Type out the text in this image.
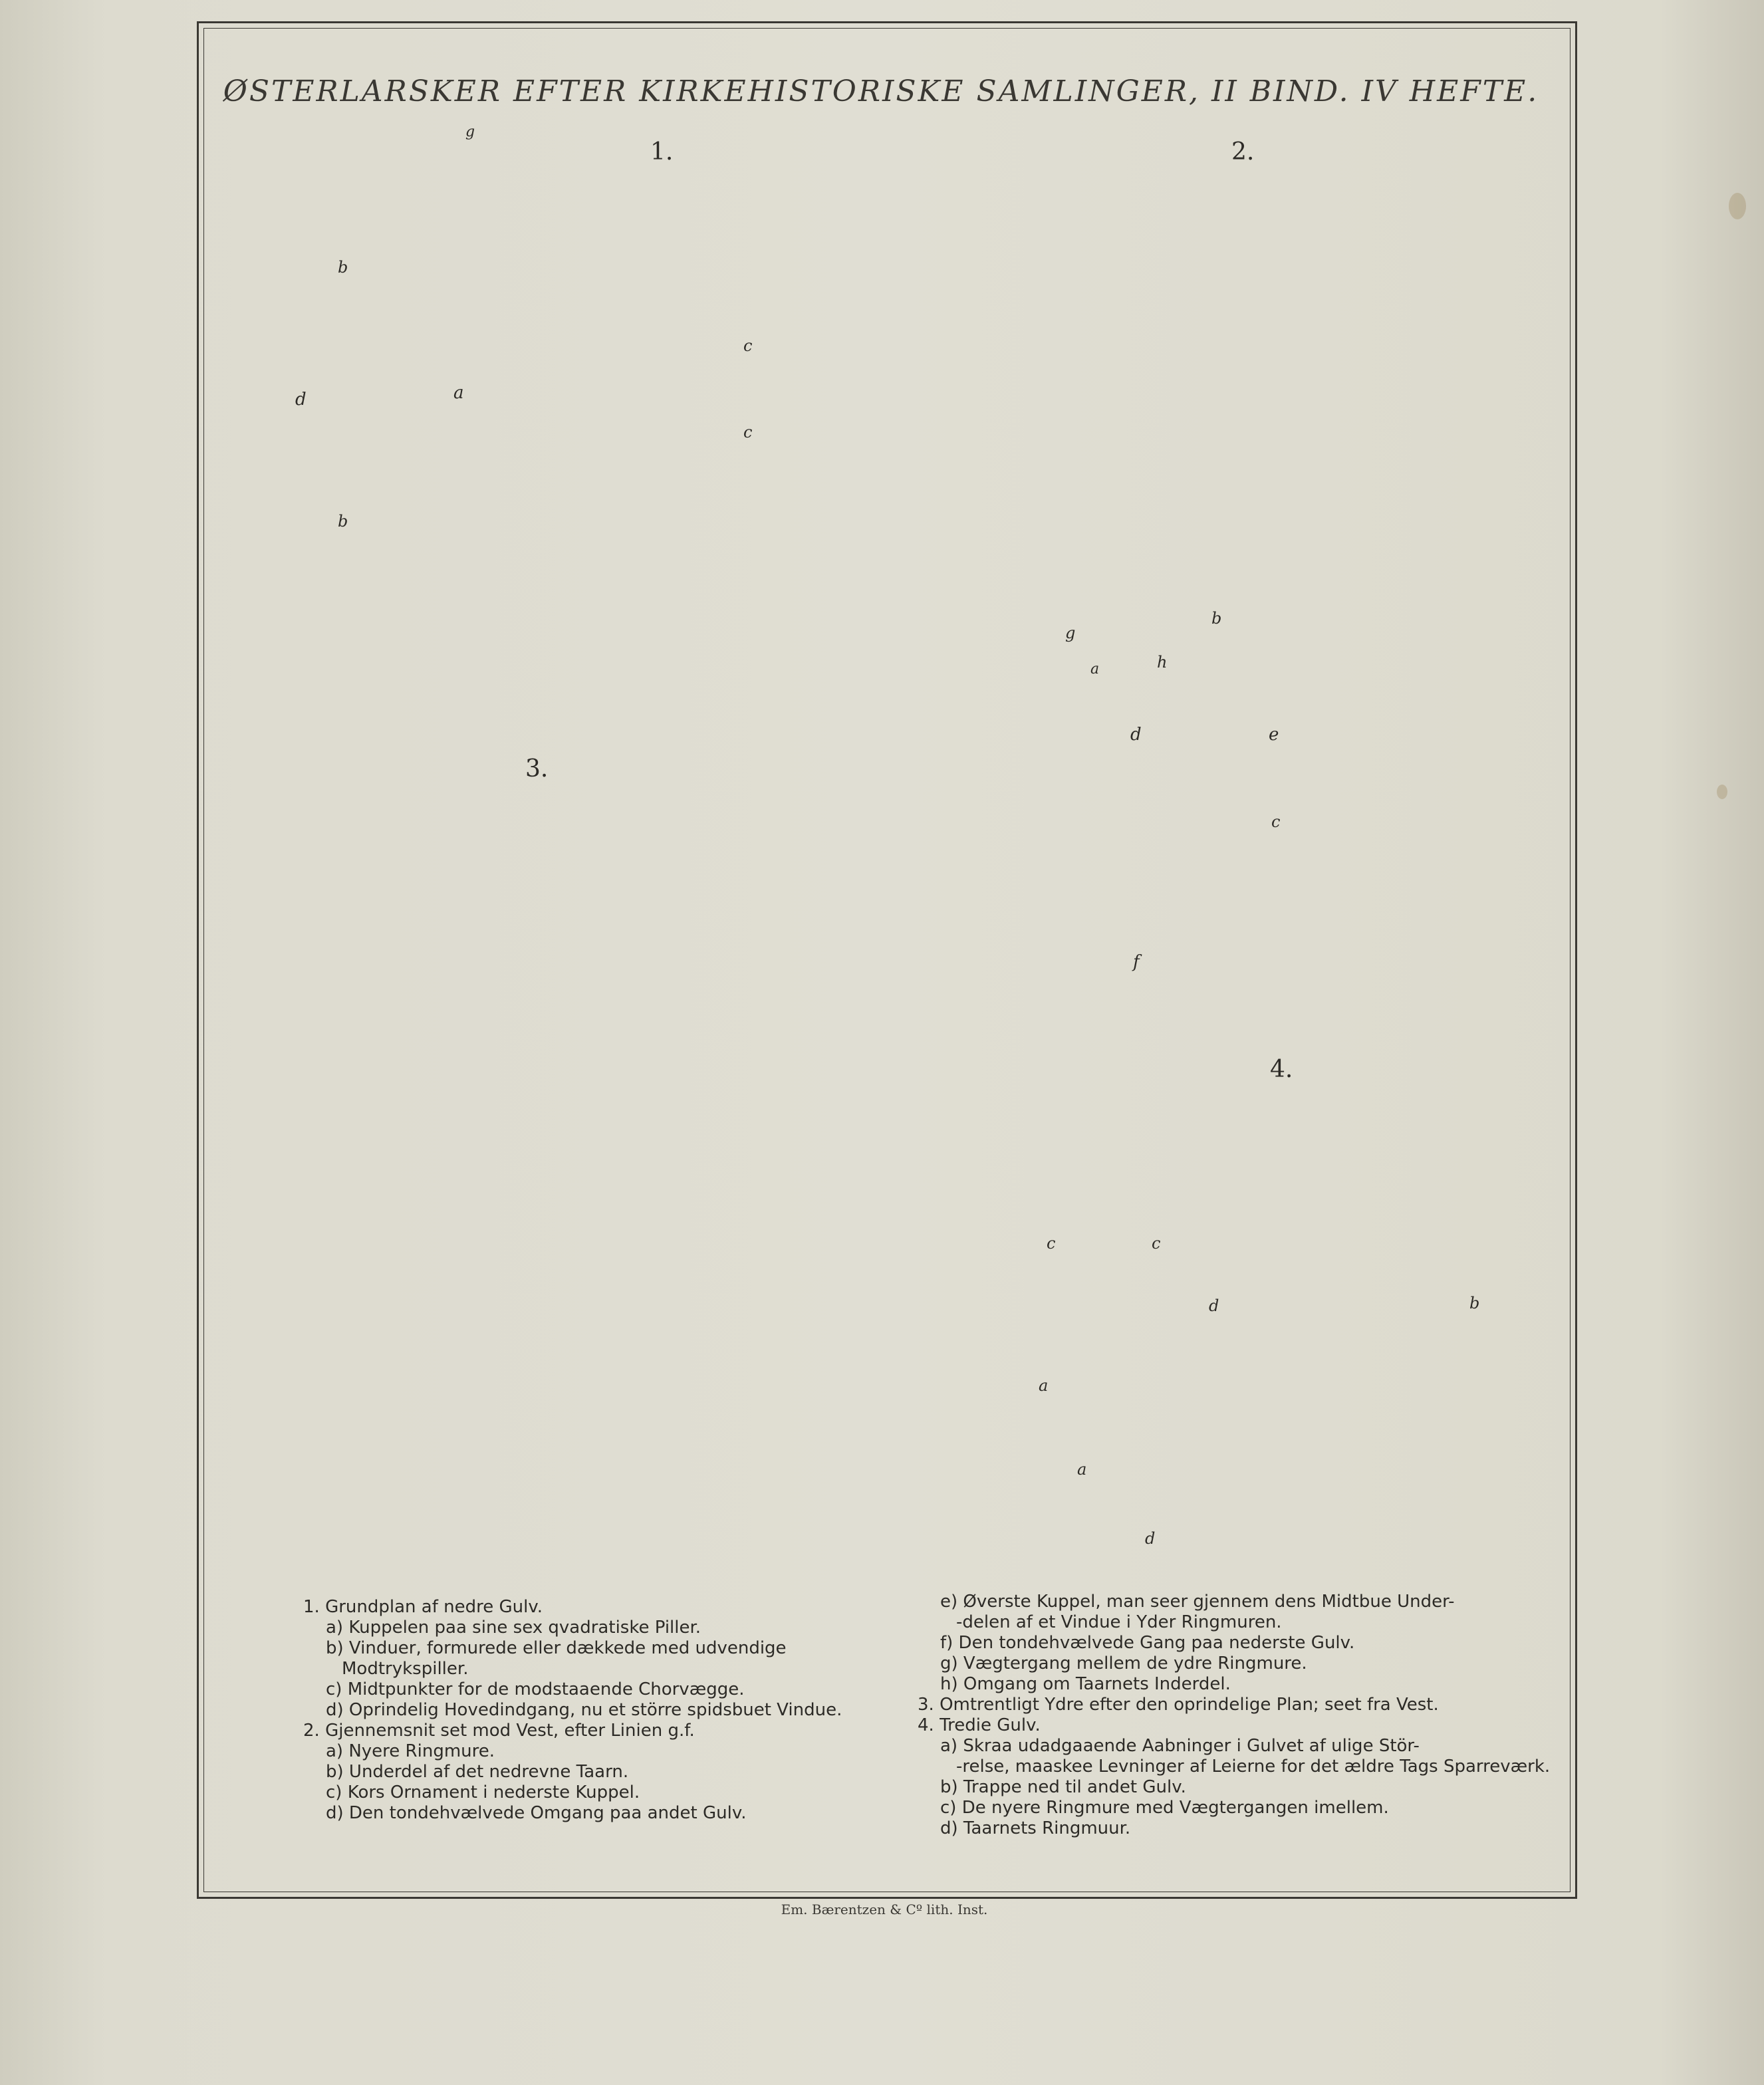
ØSTERLARSKER EFTER KIRKEHISTORISKE SAMLINGER, II BIND. IV HEFTE.
1.

a
d
b
b
c
c
g
2.

g
h
b
a
d	e
c
f
3.

4.
c	c
d	b
a
a
d
1. Grundplan af nedre Gulv.
a) Kuppelen paa sine sex qvadratiske Piller.
b) Vinduer, formurede eller dækkede med udvendige
Modtrykspiller.
c) Midtpunkter for de modstaaende Chorvægge.
d) Oprindelig Hovedindgang, nu et större spidsbuet Vindue.
2. Gjennemsnit set mod Vest, efter Linien g.f.
a) Nyere Ringmure.
b) Underdel af det nedrevne Taarn.
c) Kors Ornament i nederste Kuppel.
d) Den tondehvælvede Omgang paa andet Gulv.
e) Øverste Kuppel, man seer gjennem dens Midtbue Under-
-delen af et Vindue i Yder Ringmuren.
f) Den tondehvælvede Gang paa nederste Gulv.
g) Vægtergang mellem de ydre Ringmure.
h) Omgang om Taarnets Inderdel.
3. Omtrentligt Ydre efter den oprindelige Plan; seet fra Vest.
4. Tredie Gulv.
a) Skraa udadgaaende Aabninger i Gulvet af ulige Stör-
-relse, maaskee Levninger af Leierne for det ældre Tags Sparreværk.
b) Trappe ned til andet Gulv.
c) De nyere Ringmure med Vægtergangen imellem.
d) Taarnets Ringmuur.
Em. Bærentzen & Cº lith. Inst.
